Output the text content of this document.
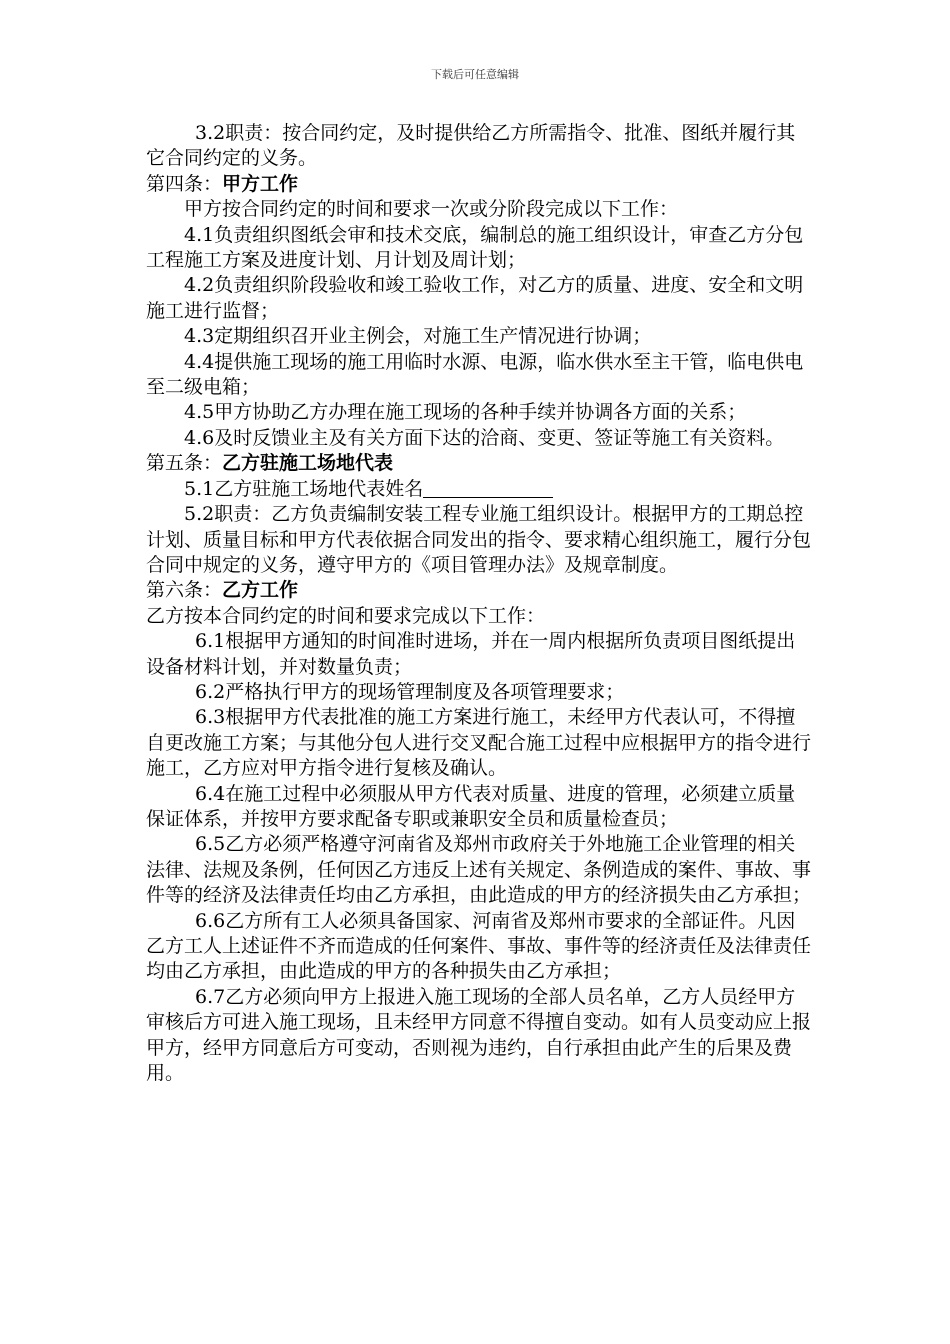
下载后可任意编辑

3.2职责：按合同约定，及时提供给乙方所需指令、批准、图纸并履行其它合同约定的义务。

第四条：甲方工作

甲方按合同约定的时间和要求一次或分阶段完成以下工作：

4.1负责组织图纸会审和技术交底，编制总的施工组织设计，审查乙方分包工程施工方案及进度计划、月计划及周计划；

4.2负责组织阶段验收和竣工验收工作，对乙方的质量、进度、安全和文明施工进行监督；

4.3定期组织召开业主例会，对施工生产情况进行协调；

4.4提供施工现场的施工用临时水源、电源，临水供水至主干管，临电供电至二级电箱；

4.5甲方协助乙方办理在施工现场的各种手续并协调各方面的关系；

4.6及时反馈业主及有关方面下达的洽商、变更、签证等施工有关资料。

第五条：乙方驻施工场地代表

5.1乙方驻施工场地代表姓名

5.2职责：乙方负责编制安装工程专业施工组织设计。根据甲方的工期总控计划、质量目标和甲方代表依据合同发出的指令、要求精心组织施工，履行分包合同中规定的义务，遵守甲方的《项目管理办法》及规章制度。

第六条：乙方工作

乙方按本合同约定的时间和要求完成以下工作：

6.1根据甲方通知的时间准时进场，并在一周内根据所负责项目图纸提出设备材料计划，并对数量负责；

6.2严格执行甲方的现场管理制度及各项管理要求；

6.3根据甲方代表批准的施工方案进行施工，未经甲方代表认可，不得擅自更改施工方案；与其他分包人进行交叉配合施工过程中应根据甲方的指令进行施工，乙方应对甲方指令进行复核及确认。

6.4在施工过程中必须服从甲方代表对质量、进度的管理，必须建立质量保证体系，并按甲方要求配备专职或兼职安全员和质量检查员；

6.5乙方必须严格遵守河南省及郑州市政府关于外地施工企业管理的相关法律、法规及条例，任何因乙方违反上述有关规定、条例造成的案件、事故、事件等的经济及法律责任均由乙方承担，由此造成的甲方的经济损失由乙方承担；

6.6乙方所有工人必须具备国家、河南省及郑州市要求的全部证件。凡因乙方工人上述证件不齐而造成的任何案件、事故、事件等的经济责任及法律责任均由乙方承担，由此造成的甲方的各种损失由乙方承担；

6.7乙方必须向甲方上报进入施工现场的全部人员名单，乙方人员经甲方审核后方可进入施工现场，且未经甲方同意不得擅自变动。如有人员变动应上报甲方，经甲方同意后方可变动，否则视为违约，自行承担由此产生的后果及费用。
